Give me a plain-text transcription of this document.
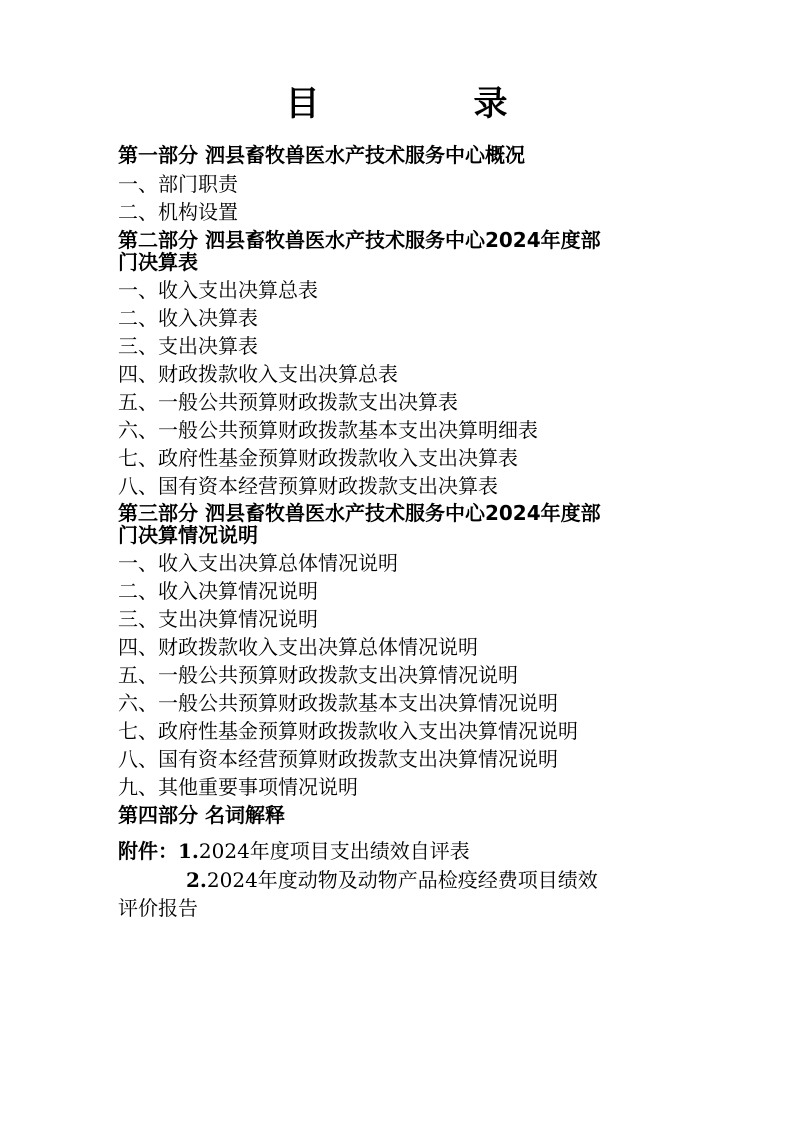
目　录
第一部分 泗县畜牧兽医水产技术服务中心概况
一、部门职责
二、机构设置
第二部分 泗县畜牧兽医水产技术服务中心2024年度部
门决算表
一、收入支出决算总表
二、收入决算表
三、支出决算表
四、财政拨款收入支出决算总表
五、一般公共预算财政拨款支出决算表
六、一般公共预算财政拨款基本支出决算明细表
七、政府性基金预算财政拨款收入支出决算表
八、国有资本经营预算财政拨款支出决算表
第三部分 泗县畜牧兽医水产技术服务中心2024年度部
门决算情况说明
一、收入支出决算总体情况说明
二、收入决算情况说明
三、支出决算情况说明
四、财政拨款收入支出决算总体情况说明
五、一般公共预算财政拨款支出决算情况说明
六、一般公共预算财政拨款基本支出决算情况说明
七、政府性基金预算财政拨款收入支出决算情况说明
八、国有资本经营预算财政拨款支出决算情况说明
九、其他重要事项情况说明
第四部分 名词解释
附件：1.2024年度项目支出绩效自评表
2.2024年度动物及动物产品检疫经费项目绩效
评价报告
